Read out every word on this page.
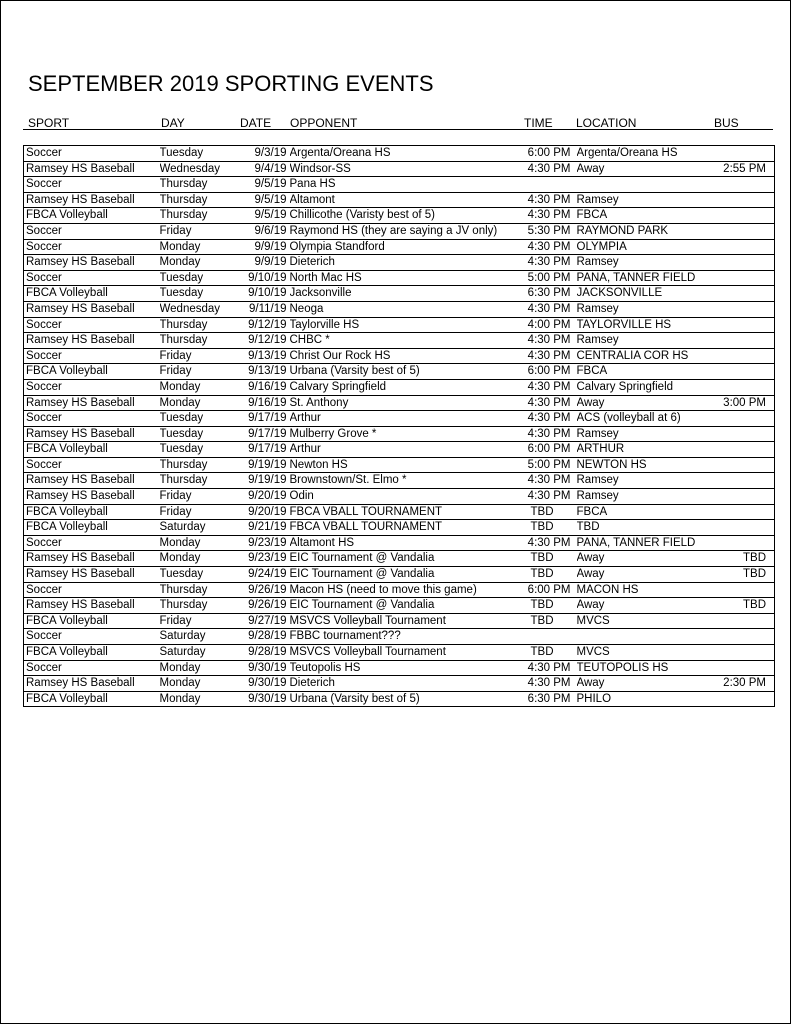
SEPTEMBER 2019 SPORTING EVENTS
SPORT	DAY	DATE OPPONENT	TIME LOCATION	BUS
Soccer	Tuesday	9/3/19	Argenta/Oreana HS	6:00 PM	Argenta/Oreana HS	
Ramsey HS Baseball	Wednesday	9/4/19	Windsor-SS	4:30 PM	Away	2:55 PM
Soccer	Thursday	9/5/19	Pana HS			
Ramsey HS Baseball	Thursday	9/5/19	Altamont	4:30 PM	Ramsey	
FBCA Volleyball	Thursday	9/5/19	Chillicothe (Varisty best of 5)	4:30 PM	FBCA	
Soccer	Friday	9/6/19	Raymond HS (they are saying a JV only)	5:30 PM	RAYMOND PARK	
Soccer	Monday	9/9/19	Olympia Standford	4:30 PM	OLYMPIA	
Ramsey HS Baseball	Monday	9/9/19	Dieterich	4:30 PM	Ramsey	
Soccer	Tuesday	9/10/19	North Mac HS	5:00 PM	PANA, TANNER FIELD	
FBCA Volleyball	Tuesday	9/10/19	Jacksonville	6:30 PM	JACKSONVILLE	
Ramsey HS Baseball	Wednesday	9/11/19	Neoga	4:30 PM	Ramsey	
Soccer	Thursday	9/12/19	Taylorville HS	4:00 PM	TAYLORVILLE HS	
Ramsey HS Baseball	Thursday	9/12/19	CHBC *	4:30 PM	Ramsey	
Soccer	Friday	9/13/19	Christ Our Rock HS	4:30 PM	CENTRALIA COR HS	
FBCA Volleyball	Friday	9/13/19	Urbana (Varsity best of 5)	6:00 PM	FBCA	
Soccer	Monday	9/16/19	Calvary Springfield	4:30 PM	Calvary Springfield	
Ramsey HS Baseball	Monday	9/16/19	St. Anthony	4:30 PM	Away	3:00 PM
Soccer	Tuesday	9/17/19	Arthur	4:30 PM	ACS (volleyball at 6)	
Ramsey HS Baseball	Tuesday	9/17/19	Mulberry Grove *	4:30 PM	Ramsey	
FBCA Volleyball	Tuesday	9/17/19	Arthur	6:00 PM	ARTHUR	
Soccer	Thursday	9/19/19	Newton HS	5:00 PM	NEWTON HS	
Ramsey HS Baseball	Thursday	9/19/19	Brownstown/St. Elmo *	4:30 PM	Ramsey	
Ramsey HS Baseball	Friday	9/20/19	Odin	4:30 PM	Ramsey	
FBCA Volleyball	Friday	9/20/19	FBCA VBALL TOURNAMENT	TBD	FBCA	
FBCA Volleyball	Saturday	9/21/19	FBCA VBALL TOURNAMENT	TBD	TBD	
Soccer	Monday	9/23/19	Altamont HS	4:30 PM	PANA, TANNER FIELD	
Ramsey HS Baseball	Monday	9/23/19	EIC Tournament @ Vandalia	TBD	Away	TBD
Ramsey HS Baseball	Tuesday	9/24/19	EIC Tournament @ Vandalia	TBD	Away	TBD
Soccer	Thursday	9/26/19	Macon HS (need to move this game)	6:00 PM	MACON HS	
Ramsey HS Baseball	Thursday	9/26/19	EIC Tournament @ Vandalia	TBD	Away	TBD
FBCA Volleyball	Friday	9/27/19	MSVCS Volleyball Tournament	TBD	MVCS	
Soccer	Saturday	9/28/19	FBBC tournament???			
FBCA Volleyball	Saturday	9/28/19	MSVCS Volleyball Tournament	TBD	MVCS	
Soccer	Monday	9/30/19	Teutopolis HS	4:30 PM	TEUTOPOLIS HS	
Ramsey HS Baseball	Monday	9/30/19	Dieterich	4:30 PM	Away	2:30 PM
FBCA Volleyball	Monday	9/30/19	Urbana (Varsity best of 5)	6:30 PM	PHILO	
